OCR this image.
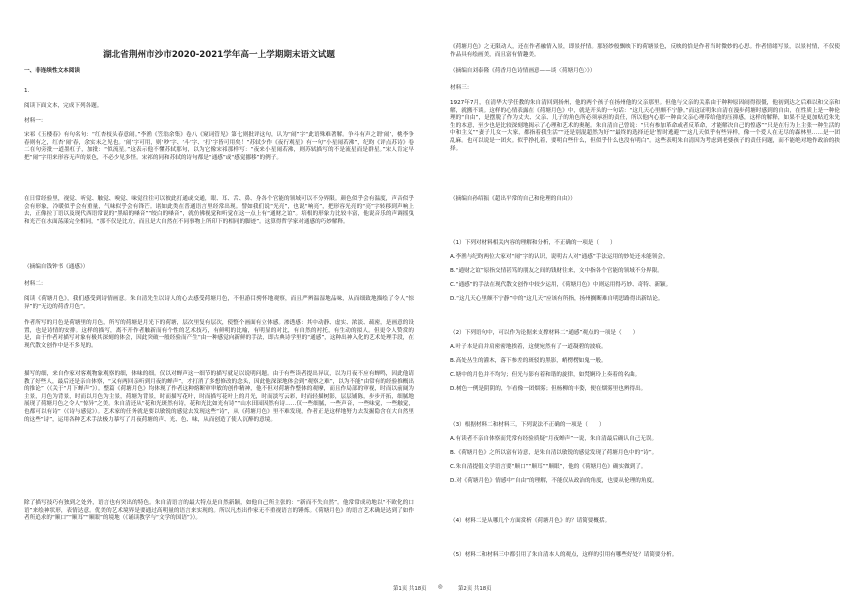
湖北省荆州市沙市2020-2021学年高一上学期期末语文试题

一、非连续性文本阅读

1.

阅读下面文本，完成下列各题。

材料一：

宋祁《玉楼春》有句名句：“红杏枝头春意闹。”李渔《笠翁余集》卷八《窥词管见》第七则批评这句，认为“闹”字“此语殊难著解。争斗有声之谓‘闹’，桃李争春则有之，红杏‘闹’春，余实未之见也。‘闹’字可用，则‘吵’字、‘斗’字、‘打’字皆可用矣！”苏轼少作《夜行观星》有一句“小星闹若沸”，纪昀《评点苏诗》卷二在句旁批一道墨杠子，加批：“似流星。”这表示他不懂苏轼那句，以为它像宋祁那样写：“夜来小星闹若沸，则苏轼描写的不是流星而是群星。”宋人肯定早把“闹”字用来形容无声的景色，不必少见多怪。宋祁的同和苏轼的诗句都是“通感”或“感觉挪移”的例子。

在日常经验里，视觉、听觉、触觉、嗅觉、味觉往往可以彼此打通或交通，眼、耳、舌、鼻、身各个官能的领域可以不分界限。颜色似乎会有温度，声音似乎会有形象，冷暖似乎会有重量，气味似乎会有锋芒。诸如此类在普通语言里经常出现。譬如我们说“光亮”，也说“响亮”，把形容光亮的“亮”字转移到声响上去，正像拉丁语以及现代西语常说的“黑暗的嗓音”“皎白的嗓音”，就仿佛视觉和听觉在这一点上有“通财之谊”。培根的形象力比较丰富，他说音乐的声调摇曳和光芒在水面荡漾完全相同，“那不仅是比方，而且是大自然在不同事物上所印下的相同的脚迹”。这算得哲学家对通感的巧妙解释。

（摘编自钱钟书《通感》）

材料二：

阅读《荷塘月色》，我们感受到诗情画意。朱自清先生以诗人的心去感受荷塘月色，不但游目骋怀地观察，而且严辨温湿地品味，从而细致地描绘了令人“惊异”的“无边的荷香月色”。

作者所写的月色是荷塘里的月色，所写的荷塘是月光下的荷塘，层次里复有层次，使整个画面有立体感。渗透感：其中动静、虚实、浓淡、疏密，是画意的设置，也是诗情的安排。这样的描写，离不开作者触新而有个性的艺术技巧，有鲜明的比喻，有明显的对比，有自然的衬托，有生动的拟人。但更令人赞赏的是，由于作者对描写对象有极其深刻的体会，因此突破一般经验而产生“由一种感觉向新鲜的手法，即古典诗学里的“通感”，这种出神入化的艺术处理手段，在现代散文创作中是不多见的。

描写的细，来自作家对客观物象观察的细，体味的细。仅以对蝉声这一细节的描写就足以说明问题。由于有些读者提出异议，以为月夜不应有蝉鸣，因此他请教了好些人，最后还是亲自体察，“又有两回亲听到月夜的蝉声”，才打消了多想修改的念头，因此他深深地体会到“观察之难”，以为不能“由常有的经验推概出的推论”（《关于“月下蝉声”》）。整篇《荷塘月色》均体现了作者这种熔断审审敏的创作精神，他不但对荷塘作整体的观摩，而且作局部的审视，时而以前阔为主景，月色为背景，时而以月色为主景，荷塘为背景，时而描写花叶，时而描写花叶上的月光，时而淡写云彩，时而轻描树影，层层铺陈，步步开拓，细腻地展现了荷塘月色之令人“惊异”之美。朱自清还从“花和光斑然有诗，花和光比如光有诗”“山水田园因然有诗……仅一些细腻，一些声音，一些味觉，一些触觉，也都可以有诗”（《诗与感觉》）。艺术家的任务就是要以敏锐的感觉去发现这些“诗”，从《荷塘月色》里不难发现，作者正是这样地努力去发掘隐含在大自然里的这些“诗”，运用各种艺术手法极力摹写了月夜荷塘的声、光、色、味，从而创造了使人沉醉的意境。

除了描写技巧有独到之处外，语言也有突出的特色。朱自清语言的最大特点是自然新颖，如他自己所主张的：“新而不失自然”。他常常成功地以“不欧化的口语”来绘神状形，表情达意。优美的艺术境界是要通过高明量的语言来实现的。所以凡杰出作家无不重视语言的锤炼。《荷塘月色》的语言艺术确是达到了如作者所追求的“顺口”“顺耳”“顺眼”的境地（《诵读教学与“文学的国语”》）。

《荷塘月色》之无限动人，还在作者融情入景，即景抒情。那轻纱般飘映下的荷塘景色，反映的恰是作者当时微妙的心思。作者情绪写景，以景衬情，不仅使作品具有绘画美，而且富有情趣美。

（摘编自刘泰隆《荷香月色诗情画意——谈〈荷塘月色〉》）

材料三：

1927年7月，在清华大学任教的朱自清回到扬州，他的两个孩子在扬州他的父亲那里。但他与父亲的关系由于种种原因闹得很僵，他初到达之后难以和父亲和解，就搬不谈。这样的心情表露在《荷塘月色》中，就是开头的一句话：“这几天心里颇不宁静。”而这证明朱自清在漫步荷塘时感到的自由，在性质上是一种伦理的“自由”，是摆脱了作为丈夫、父亲、儿子的角色所必须承担的责任，所以他内心那一种由父亲心理带给他的压抑感，这样的解释，如果不是更加贴近朱先生的本意，至少也是比较深刻地揭示了心理和艺术的奥秘。朱自清自己曾说：“只有参加革命或者反革命，才能解决自己的惶惑”“只是在行为上主张一种生活的中和主义”“妻子儿女一大家，都指着我生活”“还是别混超然为好”“最终的选择还是‘暂时逃避’”“这几天似乎有些异样，像一个爱人在无尽的森林里……是一团乱麻。也可以说是一团火。似乎挣扎着，要明白些什么，但似乎什么也没有明白”。这些表明朱自清因为考虑到老婆孩子的责任问题，而不能绝对地作政治的抉择。

（摘编自孙绍振《超出平常的自己和伦理的自由》）

（1）下列对材料相关内容的理解和分析，不正确的一项是（　　）

A.李渔与纪昀两位大家对“闹”字的认识，说明古人对“通感”手法运用的妙处还未能领会。

B.“通财之谊”原指交情甚笃的朋友之间的钱财往来，文中指各个官能的领域不分界限。

C.“通感”的手法在现代散文创作中较少运用，《荷塘月色》中则运用得巧妙、奇特、新颖。

D.“这几天心里颇不宁静”中的“这几天”应该有所指，扬州搁断难自明思路得出新结论。

（2）下列语句中，可以作为论据来支撑材料二“通感”观点的一项是（　　）

A.叶子本是肩并肩密密地挨着，这便宛然有了一道凝碧的波痕。

B.高处丛生的灌木，落下参差的斑驳的黑影，峭楞楞如鬼一般。

C.塘中的月色并不均匀；但光与影有着和谐的旋律，如梵婀玲上奏着的名曲。

D.树色一例是阴阴的，乍看像一团烟雾；但杨柳的丰姿，便在烟雾里也辨得出。

（3）根据材料二和材料三，下列说法不正确的一项是（　　）

A.有读者不亲自体察而凭常有经验质疑“月夜蝉声”一说，朱自清最后确认自己无误。

B.《荷塘月色》之所以富有诗意，是朱自清以敏锐的感觉发现了荷塘月色中的“诗”。

C.朱自清提倡文学语言要“顺口”“顺耳”“顺眼”，他的《荷塘月色》确实做到了。

D.对《荷塘月色》情感中“自由”的理解，不能仅从政治的角度，也要从伦理的角度。

（4）材料二是从哪几个方面赏析《荷塘月色》的？请简要概括。

（5）材料二和材料三中都引用了朱自清本人的观点，这样的引用有哪些好处？请简要分析。

第1页 共18页 ◎	第2页 共18页
